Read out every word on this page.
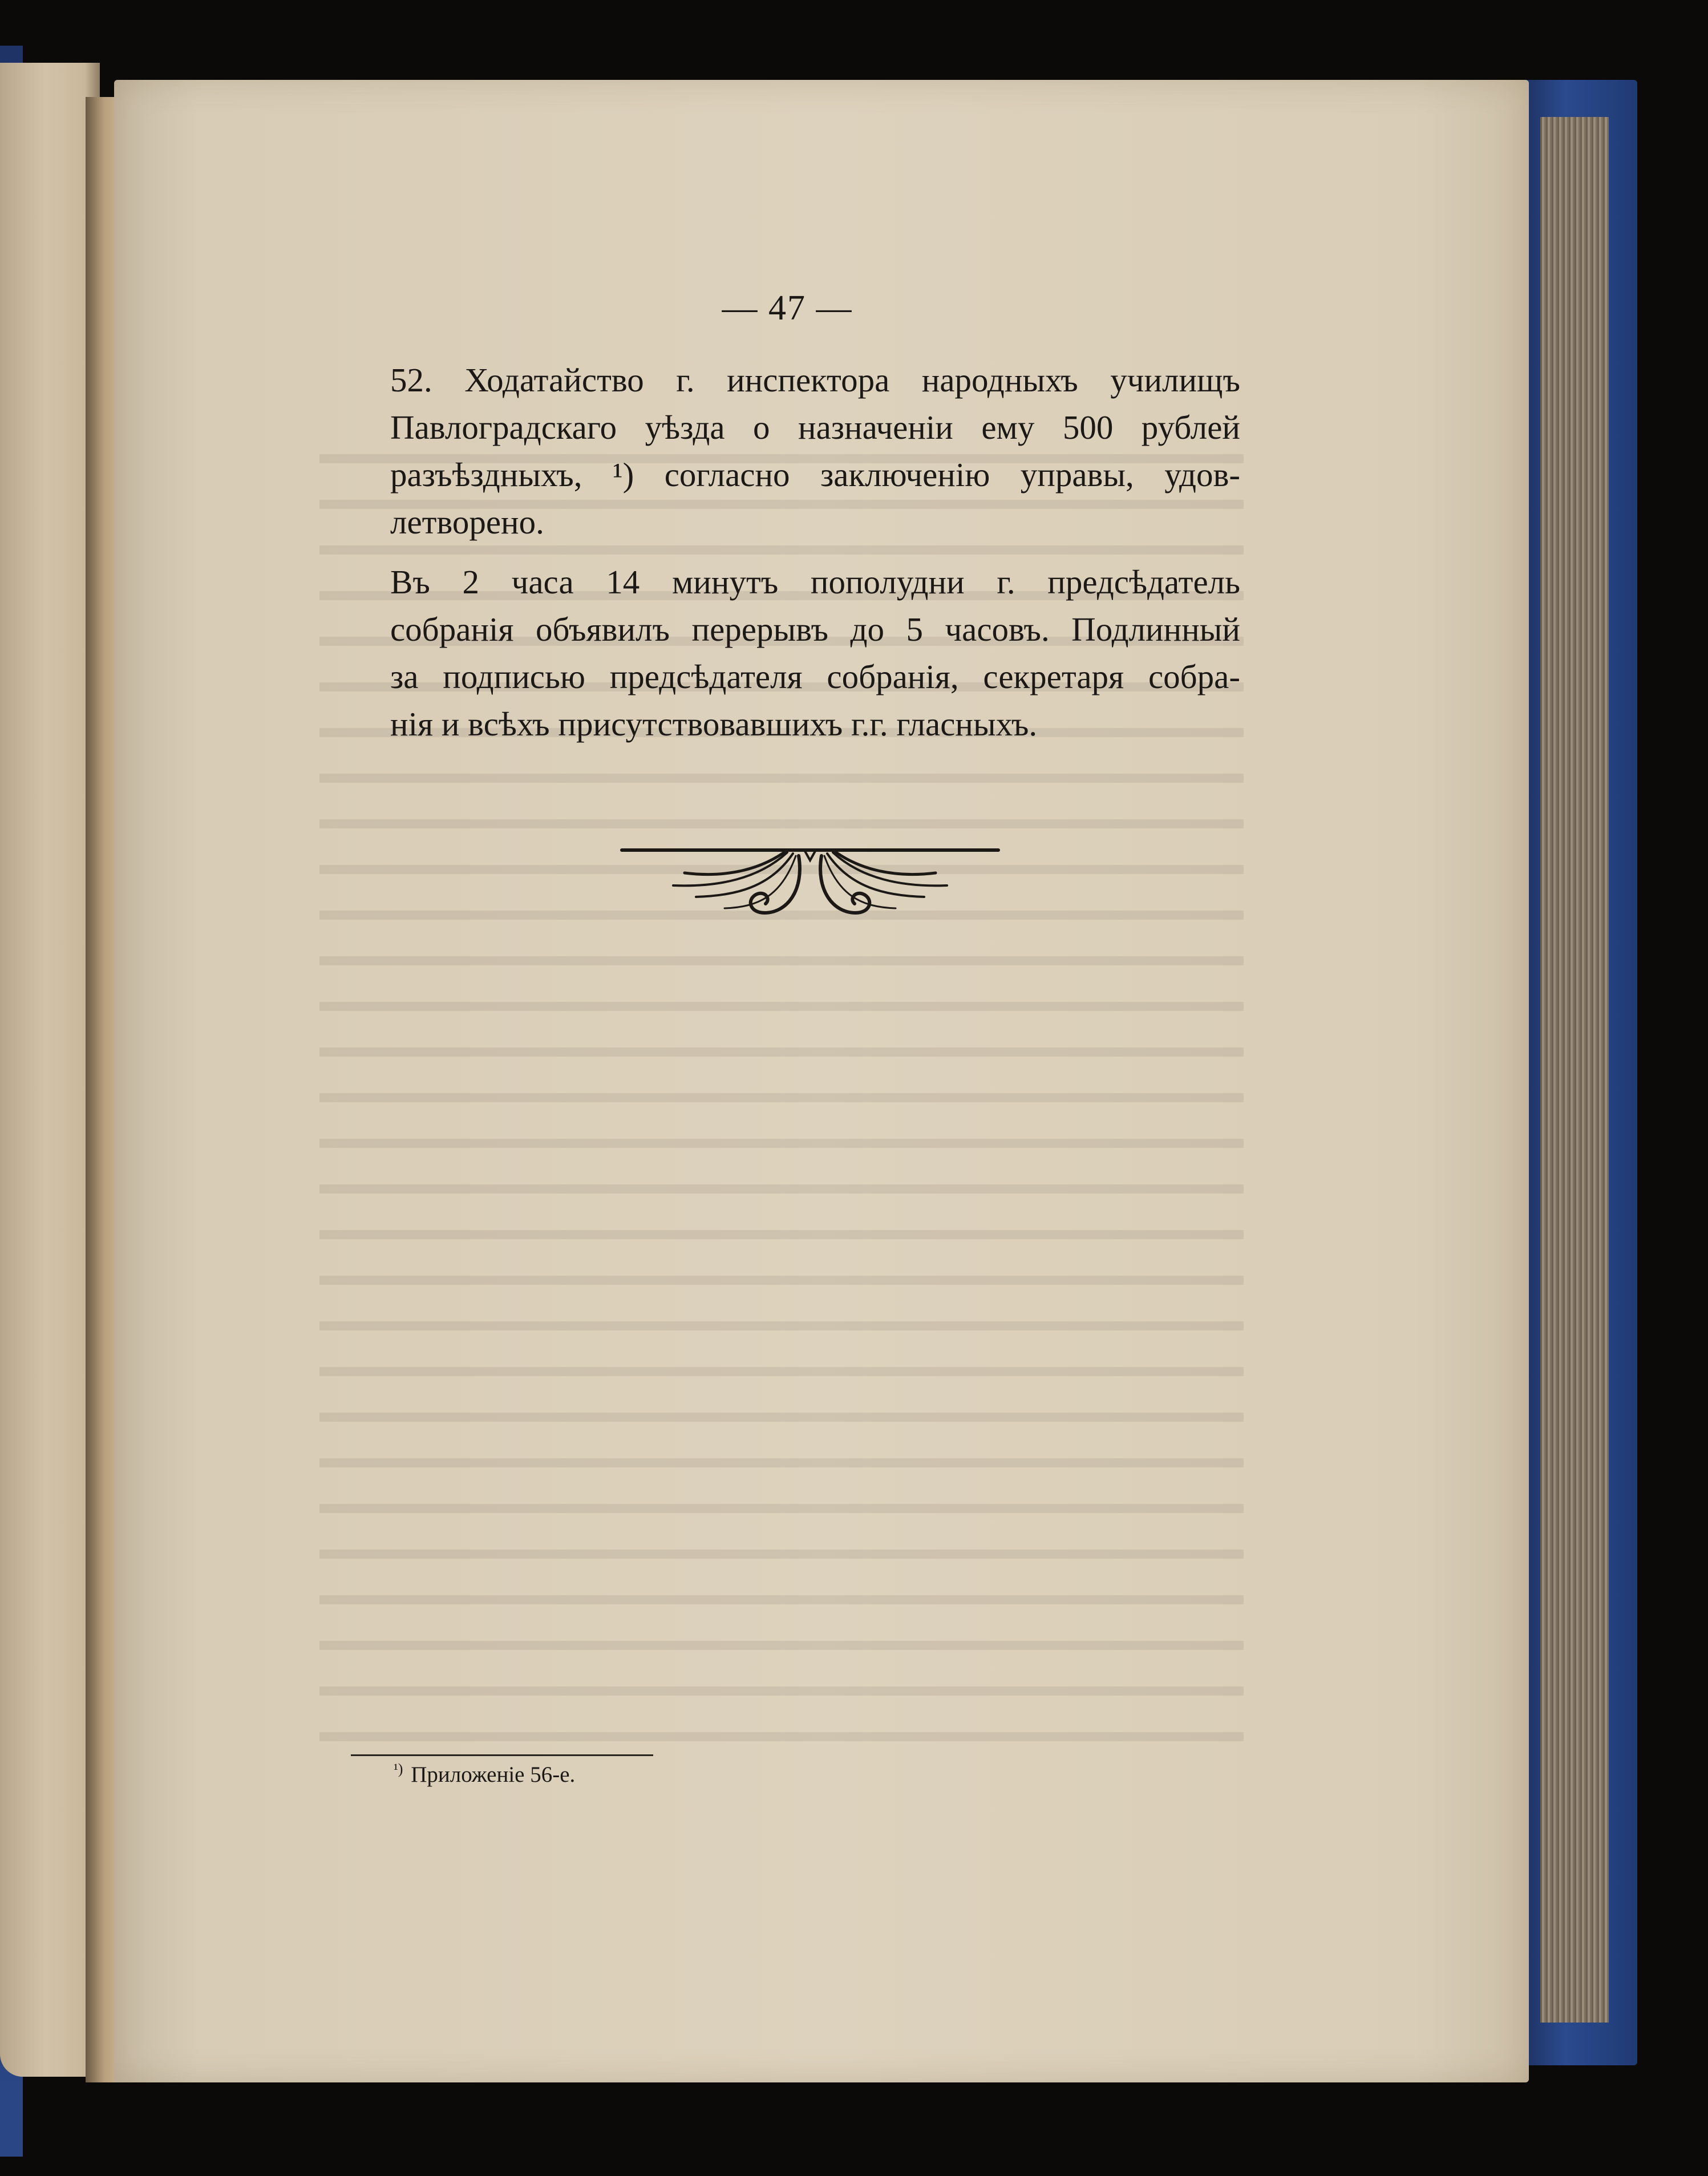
— 47 —

52. Ходатайство г. инспектора народныхъ училищъ
Павлоградскаго уѣзда о назначеніи ему 500 рублей
разъѣздныхъ, ¹) согласно заключенію управы, удов-
летворено.

Въ 2 часа 14 минутъ пополудни г. предсѣдатель
собранія объявилъ перерывъ до 5 часовъ. Подлинный
за подписью предсѣдателя собранія, секретаря собра-
нія и всѣхъ присутствовавшихъ г.г. гласныхъ.

$^{^1)}$ Приложеніе 56-е.
